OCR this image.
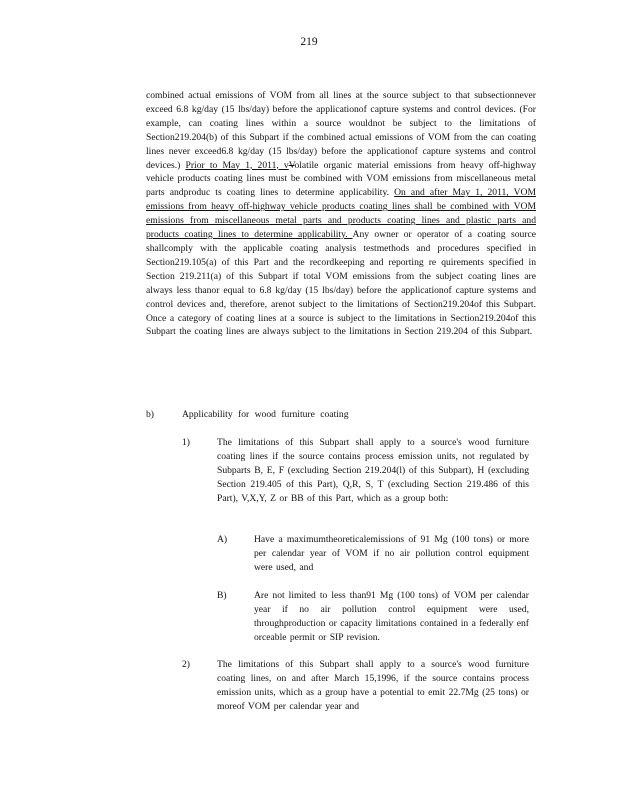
219

combined actual emissions of VOM from all lines at the source subject to that subsectionnever exceed 6.8 kg/day (15 lbs/day) before the applicationof capture systems and control devices. (For example, can coating lines within a source wouldnot be subject to the limitations of Section219.204(b) of this Subpart if the combined actual emissions of VOM from the can coating lines never exceed6.8 kg/day (15 lbs/day) before the applicationof capture systems and control devices.) Prior to May 1, 2011, vVolatile organic material emissions from heavy off-highway vehicle products coating lines must be combined with VOM emissions from miscellaneous metal parts andproduc ts coating lines to determine applicability. On and after May 1, 2011, VOM emissions from heavy off-highway vehicle products coating lines shall be combined with VOM emissions from miscellaneous metal parts and products coating lines and plastic parts and products coating lines to determine applicability. Any owner or operator of a coating source shallcomply with the applicable coating analysis testmethods and procedures specified in Section219.105(a) of this Part and the recordkeeping and reporting re quirements specified in Section 219.211(a) of this Subpart if total VOM emissions from the subject coating lines are always less thanor equal to 6.8 kg/day (15 lbs/day) before the applicationof capture systems and control devices and, therefore, arenot subject to the limitations of Section219.204of this Subpart. Once a category of coating lines at a source is subject to the limitations in Section219.204of this Subpart the coating lines are always subject to the limitations in Section 219.204 of this Subpart.

b)	Applicability for wood furniture coating
1)	The limitations of this Subpart shall apply to a source's wood furniture coating lines if the source contains process emission units, not regulated by Subparts B, E, F (excluding Section 219.204(l) of this Subpart), H (excluding Section 219.405 of this Part), Q,R, S, T (excluding Section 219.486 of this Part), V,X,Y, Z or BB of this Part, which as a group both:

A)	Have a maximumtheoreticalemissions of 91 Mg (100 tons) or more per calendar year of VOM if no air pollution control equipment were used, and

B)	Are not limited to less than91 Mg (100 tons) of VOM per calendar year if no air pollution control equipment were used, throughproduction or capacity limitations contained in a federally enf orceable permit or SIP revision.

2)	The limitations of this Subpart shall apply to a source's wood furniture coating lines, on and after March 15,1996, if the source contains process emission units, which as a group have a potential to emit 22.7Mg (25 tons) or moreof VOM per calendar year and
